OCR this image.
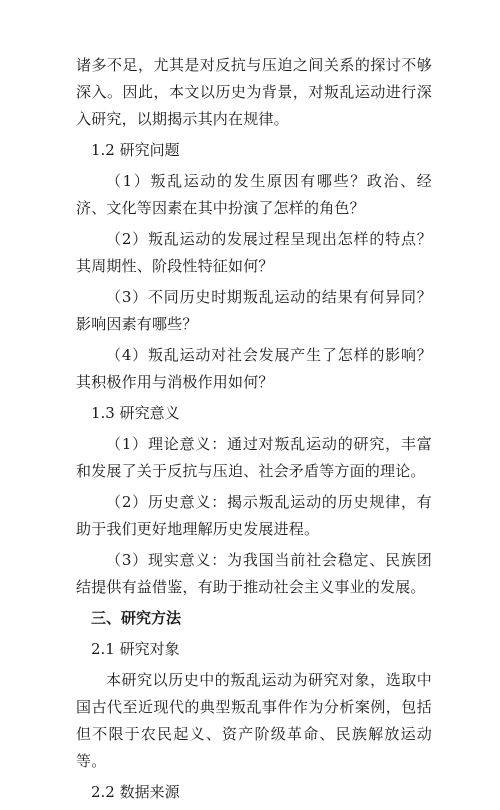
诸多不足，尤其是对反抗与压迫之间关系的探讨不够深入。因此，本文以历史为背景，对叛乱运动进行深入研究，以期揭示其内在规律。

1.2 研究问题

（1）叛乱运动的发生原因有哪些？政治、经济、文化等因素在其中扮演了怎样的角色？

（2）叛乱运动的发展过程呈现出怎样的特点？其周期性、阶段性特征如何？

（3）不同历史时期叛乱运动的结果有何异同？影响因素有哪些？

（4）叛乱运动对社会发展产生了怎样的影响？其积极作用与消极作用如何？

1.3 研究意义

（1）理论意义：通过对叛乱运动的研究，丰富和发展了关于反抗与压迫、社会矛盾等方面的理论。

（2）历史意义：揭示叛乱运动的历史规律，有助于我们更好地理解历史发展进程。

（3）现实意义：为我国当前社会稳定、民族团结提供有益借鉴，有助于推动社会主义事业的发展。

三、研究方法

2.1 研究对象

本研究以历史中的叛乱运动为研究对象，选取中国古代至近现代的典型叛乱事件作为分析案例，包括但不限于农民起义、资产阶级革命、民族解放运动等。

2.2 数据来源
